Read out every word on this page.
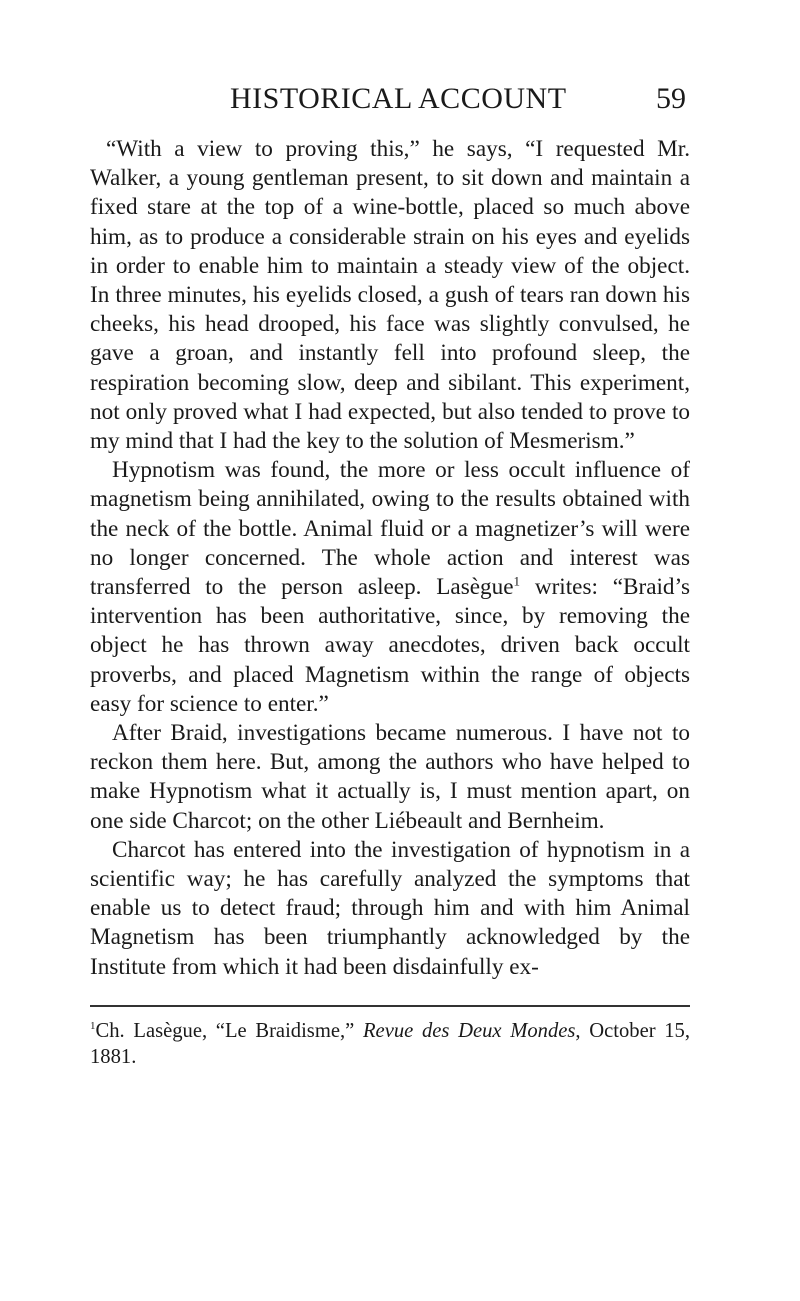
HISTORICAL ACCOUNT	59

“With a view to proving this,” he says, “I requested Mr. Walker, a young gentleman present, to sit down and maintain a fixed stare at the top of a wine-bottle, placed so much above him, as to produce a considerable strain on his eyes and eyelids in order to enable him to maintain a steady view of the object. In three minutes, his eyelids closed, a gush of tears ran down his cheeks, his head drooped, his face was slightly convulsed, he gave a groan, and instantly fell into profound sleep, the respiration becoming slow, deep and sibilant. This experiment, not only proved what I had expected, but also tended to prove to my mind that I had the key to the solution of Mesmerism.”

Hypnotism was found, the more or less occult influence of magnetism being annihilated, owing to the results obtained with the neck of the bottle. Animal fluid or a magnetizer’s will were no longer concerned. The whole action and interest was transferred to the person asleep. Lasègue$^1$ writes: “Braid’s intervention has been authoritative, since, by removing the object he has thrown away anecdotes, driven back occult proverbs, and placed Magnetism within the range of objects easy for science to enter.”

After Braid, investigations became numerous. I have not to reckon them here. But, among the authors who have helped to make Hypnotism what it actually is, I must mention apart, on one side Charcot; on the other Liébeault and Bernheim.

Charcot has entered into the investigation of hypnotism in a scientific way; he has carefully analyzed the symptoms that enable us to detect fraud; through him and with him Animal Magnetism has been triumphantly acknowledged by the Institute from which it had been disdainfully ex-

$^1$Ch. Lasègue, “Le Braidisme,” Revue des Deux Mondes, October 15, 1881.
